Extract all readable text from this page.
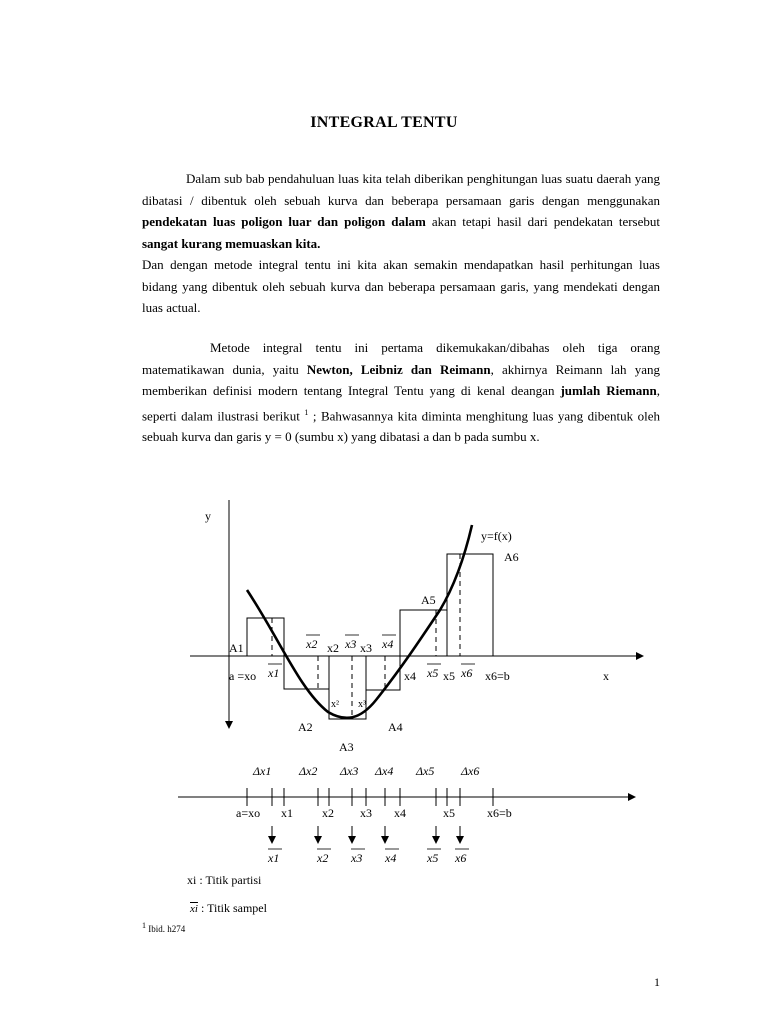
INTEGRAL TENTU

Dalam sub bab pendahuluan luas kita telah diberikan penghitungan luas suatu daerah yang dibatasi / dibentuk oleh sebuah kurva dan beberapa persamaan garis dengan menggunakan pendekatan luas poligon luar dan poligon dalam akan tetapi hasil dari pendekatan tersebut sangat kurang memuaskan kita.

Dan dengan metode integral tentu ini kita akan semakin mendapatkan hasil perhitungan luas bidang yang dibentuk oleh sebuah kurva dan beberapa persamaan garis, yang mendekati dengan luas actual.

Metode integral tentu ini pertama dikemukakan/dibahas oleh tiga orang matematikawan dunia, yaitu Newton, Leibniz dan Reimann, akhirnya Reimann lah yang memberikan definisi modern tentang Integral Tentu yang di kenal deangan jumlah Riemann, seperti dalam ilustrasi berikut $^1$ ; Bahwasannya kita diminta menghitung luas yang dibentuk oleh sebuah kurva dan garis y = 0 (sumbu x) yang dibatasi a dan b pada sumbu x.

y
x
y=f(x)
A1
A2
A3
A4
A5
A6
a =xo	x6=b
x2 x3
x4 x5
x1
x2 x3 x4
x5 x6
x² x³
Δx1 Δx2 Δx3 Δx4 Δx5 Δx6
a=xo x1 x2 x3 x4	x5	x6=b
x1	x2 x3 x4	x5 x6
xi : Titik partisi
$\overline{xi}$ : Titik sampel
$^1$ Ibid. h274
1
